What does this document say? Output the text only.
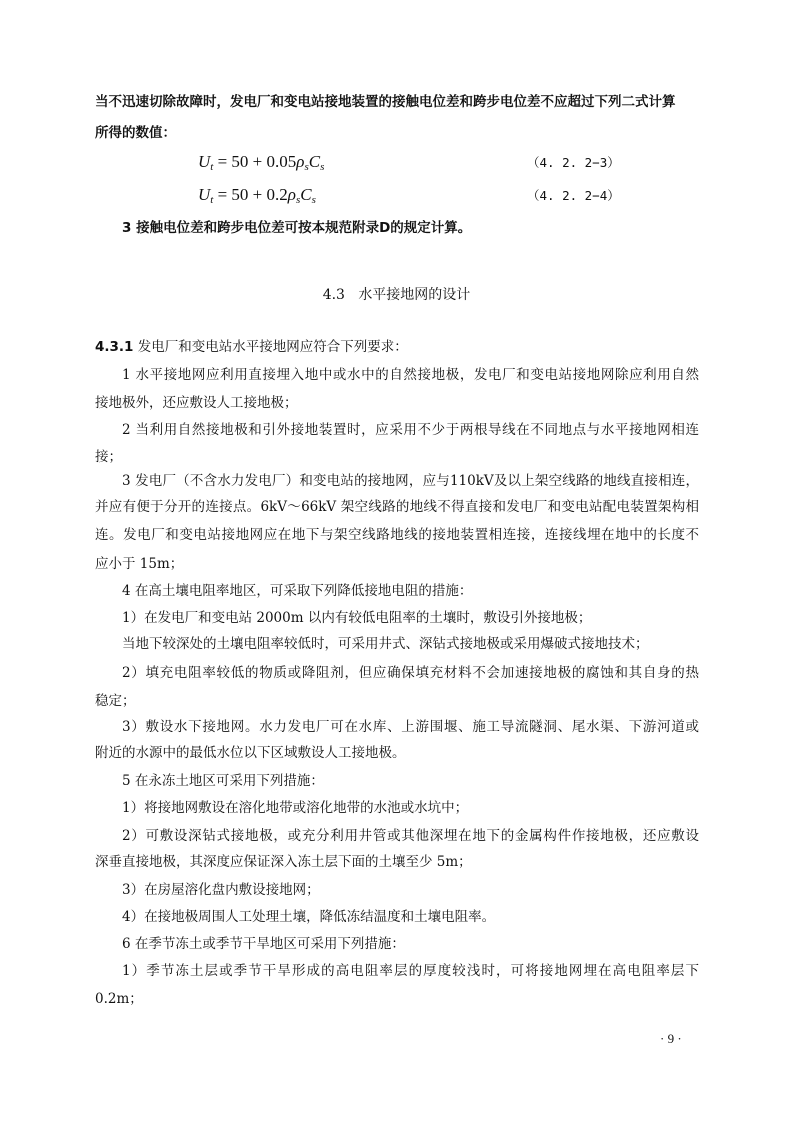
当不迅速切除故障时，发电厂和变电站接地装置的接触电位差和跨步电位差不应超过下列二式计算
所得的数值：
$U_t = 50 + 0.05\rho_sC_s$	（4. 2. 2−3）
$U_t = 50 + 0.2\rho_sC_s$	（4. 2. 2−4）
3 接触电位差和跨步电位差可按本规范附录D的规定计算。
4.3 水平接地网的设计
4.3.1 发电厂和变电站水平接地网应符合下列要求：
1 水平接地网应利用直接埋入地中或水中的自然接地极，发电厂和变电站接地网除应利用自然
接地极外，还应敷设人工接地极；
2 当利用自然接地极和引外接地装置时，应采用不少于两根导线在不同地点与水平接地网相连
接；
3 发电厂（不含水力发电厂）和变电站的接地网，应与110kV及以上架空线路的地线直接相连，
并应有便于分开的连接点。6kV～66kV 架空线路的地线不得直接和发电厂和变电站配电装置架构相
连。发电厂和变电站接地网应在地下与架空线路地线的接地装置相连接，连接线埋在地中的长度不
应小于 15m；
4 在高土壤电阻率地区，可采取下列降低接地电阻的措施：
1）在发电厂和变电站 2000m 以内有较低电阻率的土壤时，敷设引外接地极；
当地下较深处的土壤电阻率较低时，可采用井式、深钻式接地极或采用爆破式接地技术；
2）填充电阻率较低的物质或降阻剂，但应确保填充材料不会加速接地极的腐蚀和其自身的热
稳定；
3）敷设水下接地网。水力发电厂可在水库、上游围堰、施工导流隧洞、尾水渠、下游河道或
附近的水源中的最低水位以下区域敷设人工接地极。
5 在永冻土地区可采用下列措施：
1）将接地网敷设在溶化地带或溶化地带的水池或水坑中；
2）可敷设深钻式接地极，或充分利用井管或其他深埋在地下的金属构件作接地极，还应敷设
深垂直接地极，其深度应保证深入冻土层下面的土壤至少 5m；
3）在房屋溶化盘内敷设接地网；
4）在接地极周围人工处理土壤，降低冻结温度和土壤电阻率。
6 在季节冻土或季节干旱地区可采用下列措施：
1）季节冻土层或季节干旱形成的高电阻率层的厚度较浅时，可将接地网埋在高电阻率层下
0.2m；
· 9 ·
